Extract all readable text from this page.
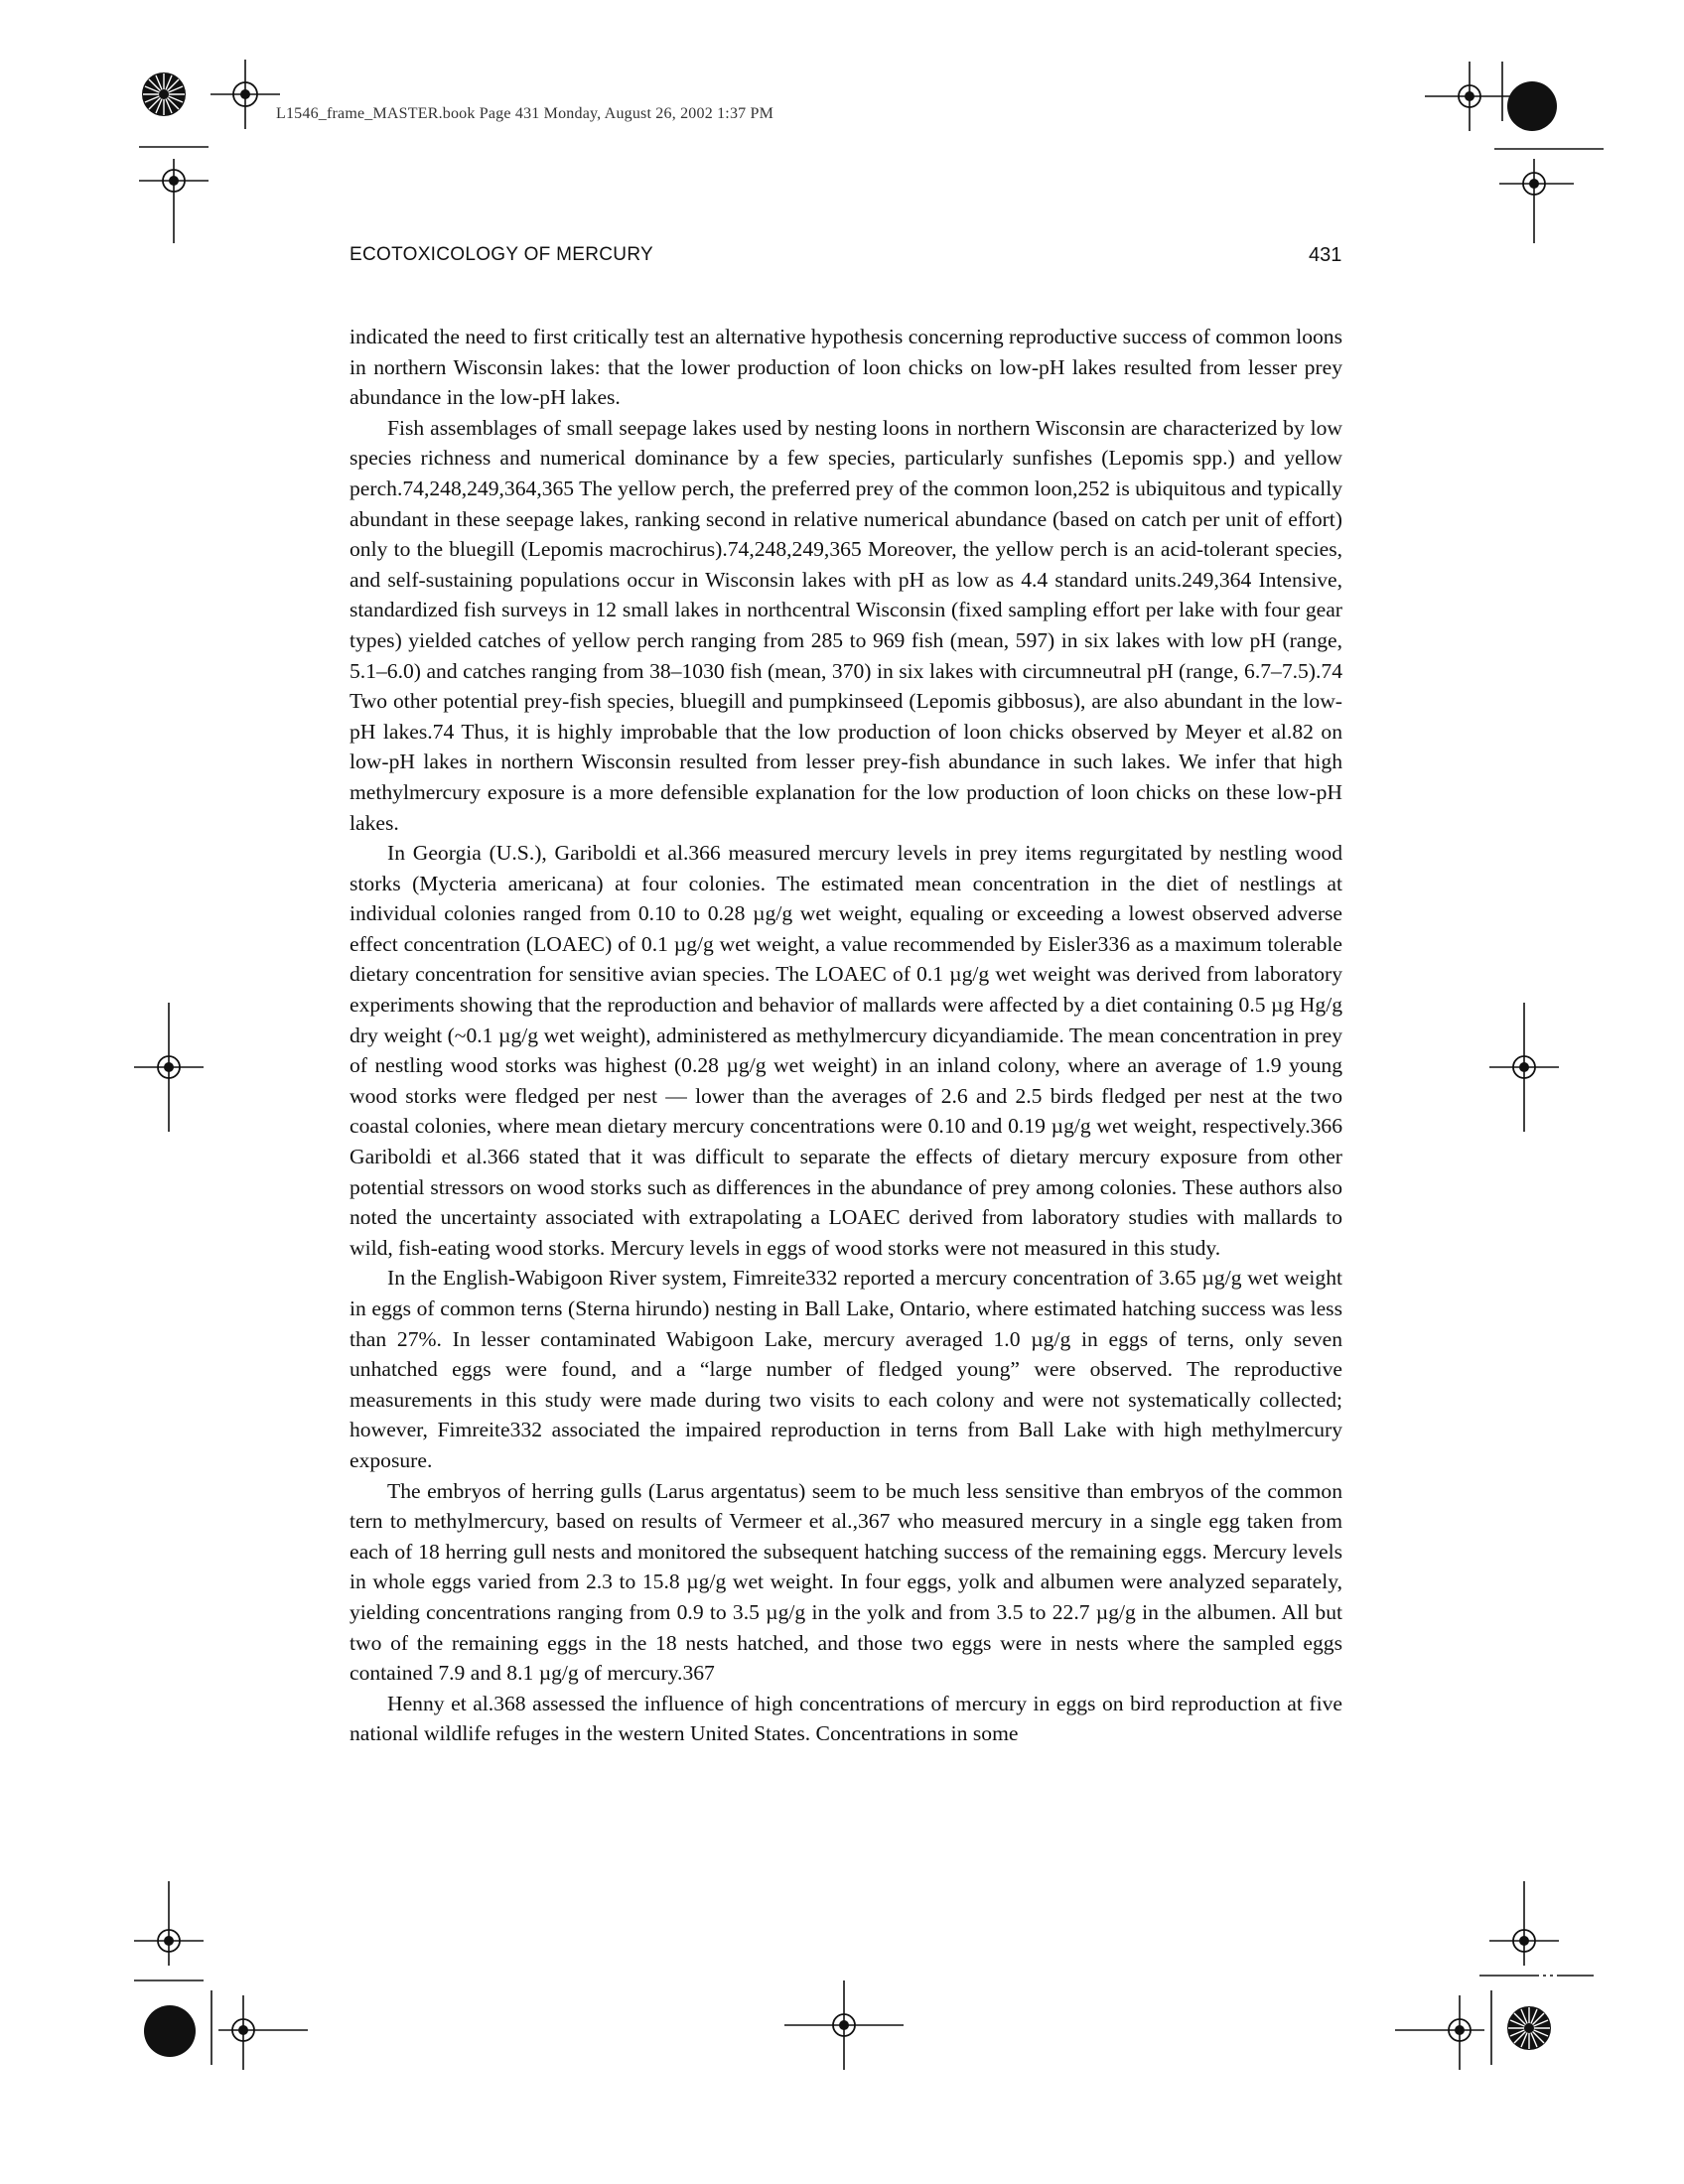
L1546_frame_MASTER.book Page 431 Monday, August 26, 2002 1:37 PM
ECOTOXICOLOGY OF MERCURY	431

indicated the need to first critically test an alternative hypothesis concerning reproductive success of common loons in northern Wisconsin lakes: that the lower production of loon chicks on low-pH lakes resulted from lesser prey abundance in the low-pH lakes.

Fish assemblages of small seepage lakes used by nesting loons in northern Wisconsin are characterized by low species richness and numerical dominance by a few species, particularly sunfishes (Lepomis spp.) and yellow perch.74,248,249,364,365 The yellow perch, the preferred prey of the common loon,252 is ubiquitous and typically abundant in these seepage lakes, ranking second in relative numerical abundance (based on catch per unit of effort) only to the bluegill (Lepomis macrochirus).74,248,249,365 Moreover, the yellow perch is an acid-tolerant species, and self-sustaining populations occur in Wisconsin lakes with pH as low as 4.4 standard units.249,364 Intensive, standardized fish surveys in 12 small lakes in northcentral Wisconsin (fixed sampling effort per lake with four gear types) yielded catches of yellow perch ranging from 285 to 969 fish (mean, 597) in six lakes with low pH (range, 5.1–6.0) and catches ranging from 38–1030 fish (mean, 370) in six lakes with circumneutral pH (range, 6.7–7.5).74 Two other potential prey-fish species, bluegill and pumpkinseed (Lepomis gibbosus), are also abundant in the low-pH lakes.74 Thus, it is highly improbable that the low production of loon chicks observed by Meyer et al.82 on low-pH lakes in northern Wisconsin resulted from lesser prey-fish abundance in such lakes. We infer that high methylmercury exposure is a more defensible explanation for the low production of loon chicks on these low-pH lakes.

In Georgia (U.S.), Gariboldi et al.366 measured mercury levels in prey items regurgitated by nestling wood storks (Mycteria americana) at four colonies. The estimated mean concentration in the diet of nestlings at individual colonies ranged from 0.10 to 0.28 µg/g wet weight, equaling or exceeding a lowest observed adverse effect concentration (LOAEC) of 0.1 µg/g wet weight, a value recommended by Eisler336 as a maximum tolerable dietary concentration for sensitive avian species. The LOAEC of 0.1 µg/g wet weight was derived from laboratory experiments showing that the reproduction and behavior of mallards were affected by a diet containing 0.5 µg Hg/g dry weight (~0.1 µg/g wet weight), administered as methylmercury dicyandiamide. The mean concentration in prey of nestling wood storks was highest (0.28 µg/g wet weight) in an inland colony, where an average of 1.9 young wood storks were fledged per nest — lower than the averages of 2.6 and 2.5 birds fledged per nest at the two coastal colonies, where mean dietary mercury concentrations were 0.10 and 0.19 µg/g wet weight, respectively.366 Gariboldi et al.366 stated that it was difficult to separate the effects of dietary mercury exposure from other potential stressors on wood storks such as differences in the abundance of prey among colonies. These authors also noted the uncertainty associated with extrapolating a LOAEC derived from laboratory studies with mallards to wild, fish-eating wood storks. Mercury levels in eggs of wood storks were not measured in this study.

In the English-Wabigoon River system, Fimreite332 reported a mercury concentration of 3.65 µg/g wet weight in eggs of common terns (Sterna hirundo) nesting in Ball Lake, Ontario, where estimated hatching success was less than 27%. In lesser contaminated Wabigoon Lake, mercury averaged 1.0 µg/g in eggs of terns, only seven unhatched eggs were found, and a “large number of fledged young” were observed. The reproductive measurements in this study were made during two visits to each colony and were not systematically collected; however, Fimreite332 associated the impaired reproduction in terns from Ball Lake with high methylmercury exposure.

The embryos of herring gulls (Larus argentatus) seem to be much less sensitive than embryos of the common tern to methylmercury, based on results of Vermeer et al.,367 who measured mercury in a single egg taken from each of 18 herring gull nests and monitored the subsequent hatching success of the remaining eggs. Mercury levels in whole eggs varied from 2.3 to 15.8 µg/g wet weight. In four eggs, yolk and albumen were analyzed separately, yielding concentrations ranging from 0.9 to 3.5 µg/g in the yolk and from 3.5 to 22.7 µg/g in the albumen. All but two of the remaining eggs in the 18 nests hatched, and those two eggs were in nests where the sampled eggs contained 7.9 and 8.1 µg/g of mercury.367

Henny et al.368 assessed the influence of high concentrations of mercury in eggs on bird reproduction at five national wildlife refuges in the western United States. Concentrations in some
